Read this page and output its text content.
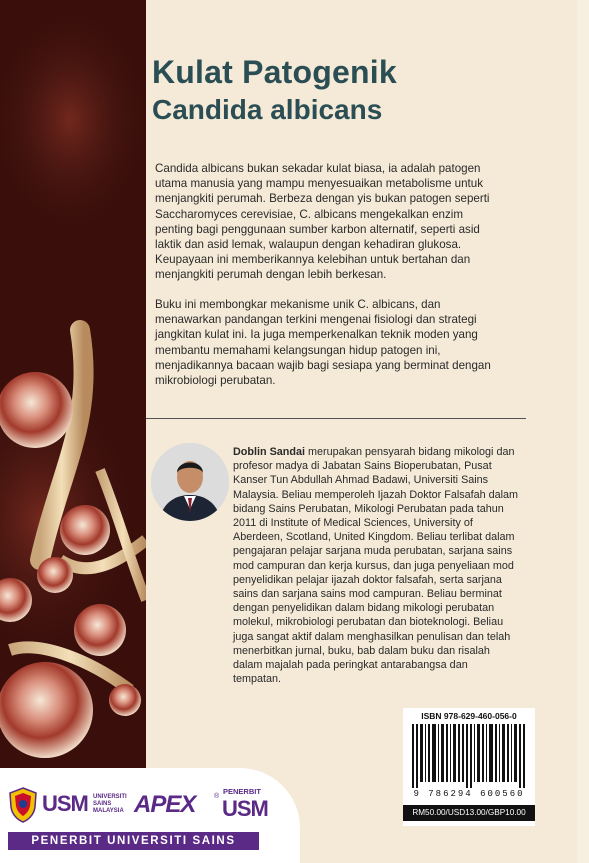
Kulat Patogenik
Candida albicans
Candida albicans bukan sekadar kulat biasa, ia adalah patogen
utama manusia yang mampu menyesuaikan metabolisme untuk
menjangkiti perumah. Berbeza dengan yis bukan patogen seperti
Saccharomyces cerevisiae, C. albicans mengekalkan enzim
penting bagi penggunaan sumber karbon alternatif, seperti asid
laktik dan asid lemak, walaupun dengan kehadiran glukosa.
Keupayaan ini memberikannya kelebihan untuk bertahan dan
menjangkiti perumah dengan lebih berkesan.
Buku ini membongkar mekanisme unik C. albicans, dan
menawarkan pandangan terkini mengenai fisiologi dan strategi
jangkitan kulat ini. Ia juga memperkenalkan teknik moden yang
membantu memahami kelangsungan hidup patogen ini,
menjadikannya bacaan wajib bagi sesiapa yang berminat dengan
mikrobiologi perubatan.
Doblin Sandai merupakan pensyarah bidang mikologi dan
profesor madya di Jabatan Sains Bioperubatan, Pusat
Kanser Tun Abdullah Ahmad Badawi, Universiti Sains
Malaysia. Beliau memperoleh Ijazah Doktor Falsafah dalam
bidang Sains Perubatan, Mikologi Perubatan pada tahun
2011 di Institute of Medical Sciences, University of
Aberdeen, Scotland, United Kingdom. Beliau terlibat dalam
pengajaran pelajar sarjana muda perubatan, sarjana sains
mod campuran dan kerja kursus, dan juga penyeliaan mod
penyelidikan pelajar ijazah doktor falsafah, serta sarjana
sains dan sarjana sains mod campuran. Beliau berminat
dengan penyelidikan dalam bidang mikologi perubatan
molekul, mikrobiologi perubatan dan bioteknologi. Beliau
juga sangat aktif dalam menghasilkan penulisan dan telah
menerbitkan jurnal, buku, bab dalam buku dan risalah
dalam majalah pada peringkat antarabangsa dan
tempatan.
ISBN 978-629-460-056-0
9 786294 600560
RM50.00/USD13.00/GBP10.00
USM UNIVERSITI SAINS MALAYSIA APEX	®
PENERBIT
USM
PENERBIT UNIVERSITI SAINS MALAYSIA
